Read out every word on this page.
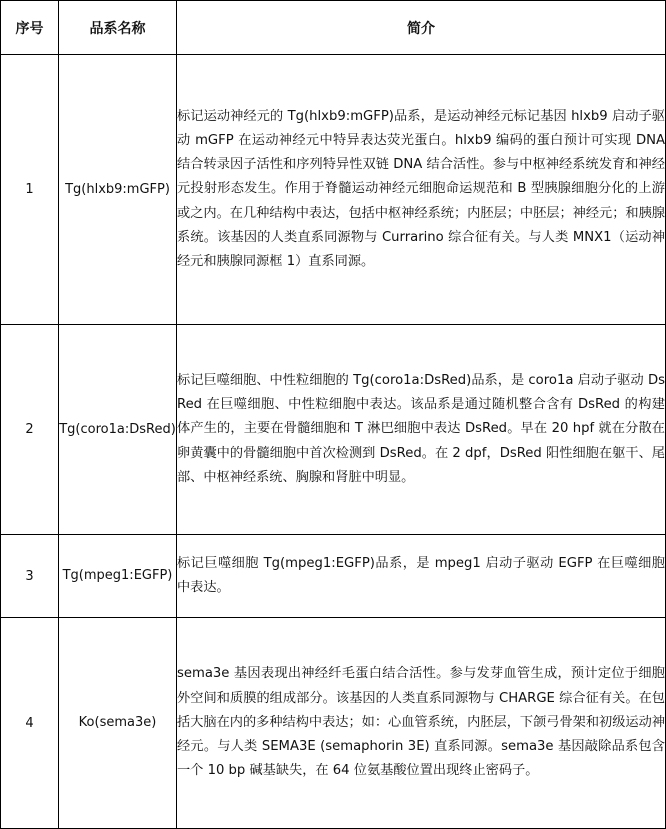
序号	品系名称	简介
1	Tg(hlxb9:mGFP)	标记运动神经元的 Tg(hlxb9:mGFP)品系，是运动神经元标记基因 hlxb9 启动子驱动 mGFP 在运动神经元中特异表达荧光蛋白。hlxb9 编码的蛋白预计可实现 DNA 结合转录因子活性和序列特异性双链 DNA 结合活性。参与中枢神经系统发育和神经元投射形态发生。作用于脊髓运动神经元细胞命运规范和 B 型胰腺细胞分化的上游或之内。在几种结构中表达，包括中枢神经系统；内胚层；中胚层；神经元；和胰腺系统。该基因的人类直系同源物与 Currarino 综合征有关。与人类 MNX1（运动神经元和胰腺同源框 1）直系同源。
2	Tg(coro1a:DsRed)	标记巨噬细胞、中性粒细胞的 Tg(coro1a:DsRed)品系，是 coro1a 启动子驱动 DsRed 在巨噬细胞、中性粒细胞中表达。该品系是通过随机整合含有 DsRed 的构建体产生的，主要在骨髓细胞和 T 淋巴细胞中表达 DsRed。早在 20 hpf 就在分散在卵黄囊中的骨髓细胞中首次检测到 DsRed。在 2 dpf，DsRed 阳性细胞在躯干、尾部、中枢神经系统、胸腺和肾脏中明显。
3	Tg(mpeg1:EGFP)	标记巨噬细胞 Tg(mpeg1:EGFP)品系，是 mpeg1 启动子驱动 EGFP 在巨噬细胞中表达。
4	Ko(sema3e)	sema3e 基因表现出神经纤毛蛋白结合活性。参与发芽血管生成，预计定位于细胞外空间和质膜的组成部分。该基因的人类直系同源物与 CHARGE 综合征有关。在包括大脑在内的多种结构中表达；如：心血管系统，内胚层，下颌弓骨架和初级运动神经元。与人类 SEMA3E (semaphorin 3E) 直系同源。sema3e 基因敲除品系包含一个 10 bp 碱基缺失，在 64 位氨基酸位置出现终止密码子。
